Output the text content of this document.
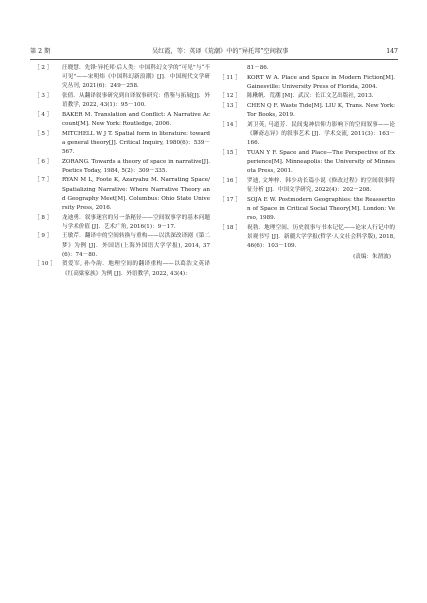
第 2 期	吴红霞，等：英译《荒潮》中的“异托邦”空间叙事	147
［ 2 ］ 汪晓慧．先锋·异托邦·后人类：中国科幻文学的“可见”与“不可见”——宋明炜《中国科幻新浪潮》[J]．中国现代文学研究丛刊, 2021(6)：249－258.
［ 3 ］ 张倩．从翻译叙事研究到自译叙事研究：借鉴与拓展[J]．外语教学, 2022, 43(1)：95－100.
［ 4 ］ BAKER M. Translation and Conflict: A Narrative Account[M]. New York: Routledge, 2006.
［ 5 ］ MITCHELL W J T. Spatial form in literature: toward a general theory[J]. Critical Inquiry, 1980(6)：539－567.
［ 6 ］ ZORANG. Towards a theory of space in narrative[J]. Poetics Today, 1984, 5(2)：309－335.
［ 7 ］ RYAN M L, Foote K, Azaryahu M. Narrating Space/Spatializing Narrative: Where Narrative Theory and Geography Meet[M]. Columbus: Ohio State University Press, 2016.
［ 8 ］ 龙迪勇．叙事迷宫的另一条秘径——空间叙事学的基本问题与学术价值 [J]．艺术广角, 2016(1)：9－17.
［ 9 ］ 王敏芹．翻译中的空间转换与重构——以洪深改译剧《第二梦》为例 [J]．外国语(上海外国语大学学报), 2014, 37(6)：74－80.
［ 10 ］ 贺爱军, 孙今韵．地理空间的翻译重构——以葛浩文英译《红高粱家族》为例 [J]．外语教学, 2022, 43(4)：
81－86.
［ 11 ］ KORT W A. Place and Space in Modern Fiction[M]. Gainesville: University Press of Florida, 2004.
［ 12 ］ 陈楸帆．荒潮 [M]．武汉：长江文艺出版社, 2013.
［ 13 ］ CHEN Q F. Waste Tide[M]. LIU K, Trans. New York: Tor Books, 2019.
［ 14 ］ 刘卫英, 马道芳．民间鬼神信仰力影响下的空间叙事——论《聊斋志异》的叙事艺术 [J]．学术交流, 2011(3)：163－166.
［ 15 ］ TUAN Y F. Space and Place—The Perspective of Experience[M]. Minneapolis: the University of Minnesota Press, 2001.
［ 16 ］ 罗迪, 文坤梓．韩少功长篇小说《修改过程》的空间叙事特征分析 [J]．中国文学研究, 2022(4)：202－208.
［ 17 ］ SOJA E W. Postmodern Geographies: the Reassertion of Space in Critical Social Theory[M]. London: Verso, 1989.
［ 18 ］ 祝勃．地理空间、历史叙事与书本记忆——论宋人行记中的景观书写 [J]．新疆大学学报(哲学·人文社会科学版), 2018, 46(6)：103－109.
(责编：朱渭波)
